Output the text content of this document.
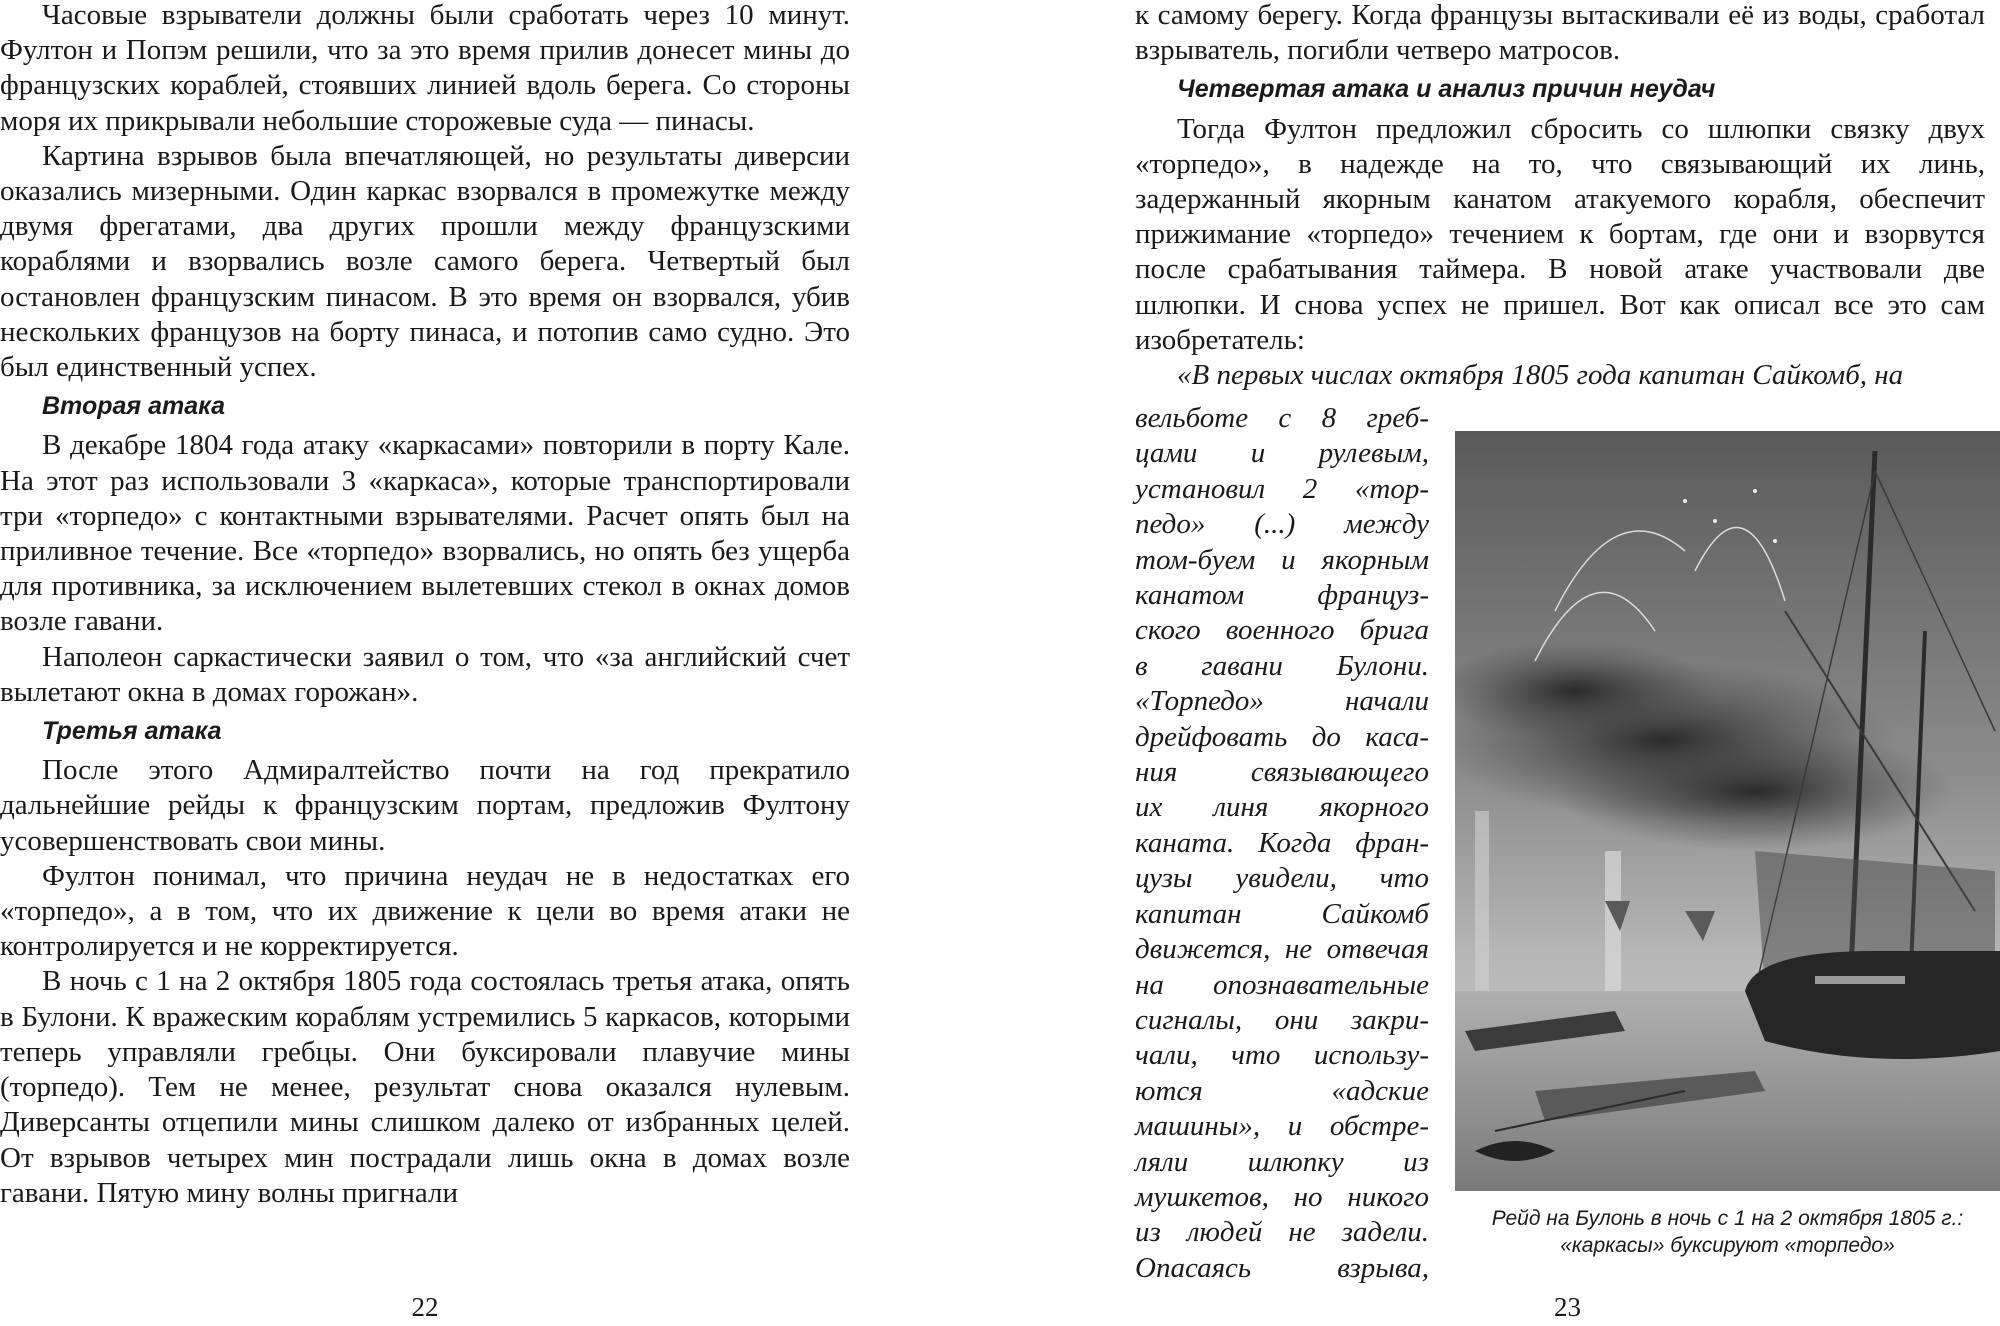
Часовые взрыватели должны были сработать через 10 минут. Фултон и Попэм решили, что за это время прилив донесет мины до французских кораблей, стоявших линией вдоль берега. Со стороны моря их прикрывали небольшие сторожевые суда — пинасы.

Картина взрывов была впечатляющей, но результаты диверсии оказались мизерными. Один каркас взорвался в промежутке между двумя фрегатами, два других прошли между французскими кораблями и взорвались возле самого берега. Четвертый был остановлен французским пинасом. В это время он взорвался, убив нескольких французов на борту пинаса, и потопив само судно. Это был единственный успех.

Вторая атака

В декабре 1804 года атаку «каркасами» повторили в порту Кале. На этот раз использовали 3 «каркаса», которые транспортировали три «торпедо» с контактными взрывателями. Расчет опять был на приливное течение. Все «торпедо» взорвались, но опять без ущерба для противника, за исключением вылетевших стекол в окнах домов возле гавани.

Наполеон саркастически заявил о том, что «за английский счет вылетают окна в домах горожан».

Третья атака

После этого Адмиралтейство почти на год прекратило дальнейшие рейды к французским портам, предложив Фултону усовершенствовать свои мины.

Фултон понимал, что причина неудач не в недостатках его «торпедо», а в том, что их движение к цели во время атаки не контролируется и не корректируется.

В ночь с 1 на 2 октября 1805 года состоялась третья атака, опять в Булони. К вражеским кораблям устремились 5 каркасов, которыми теперь управляли гребцы. Они буксировали плавучие мины (торпедо). Тем не менее, результат снова оказался нулевым. Диверсанты отцепили мины слишком далеко от избранных целей. От взрывов четырех мин пострадали лишь окна в домах возле гавани. Пятую мину волны пригнали

22

к самому берегу. Когда французы вытаскивали её из воды, сработал взрыватель, погибли четверо матросов.

Четвертая атака и анализ причин неудач

Тогда Фултон предложил сбросить со шлюпки связку двух «торпедо», в надежде на то, что связывающий их линь, задержанный якорным канатом атакуемого корабля, обеспечит прижимание «торпедо» течением к бортам, где они и взорвутся после срабатывания таймера. В новой атаке участвовали две шлюпки. И снова успех не пришел. Вот как описал все это сам изобретатель:

«В первых числах октября 1805 года капитан Сайкомб, на

вельботе с 8 греб-
цами и рулевым,
установил 2 «тор-
педо» (...) между
том-буем и якорным
канатом француз-
ского военного брига
в гавани Булони.
«Торпедо» начали
дрейфовать до каса-
ния связывающего
их линя якорного
каната. Когда фран-
цузы увидели, что
капитан Сайкомб
движется, не отвечая
на опознавательные
сигналы, они закри-
чали, что использу-
ются «адские
машины», и обстре-
ляли шлюпку из
мушкетов, но никого
из людей не задели.
Опасаясь взрыва,
Рейд на Булонь в ночь с 1 на 2 октября 1805 г.: «каркасы» буксируют «торпедо»
23
